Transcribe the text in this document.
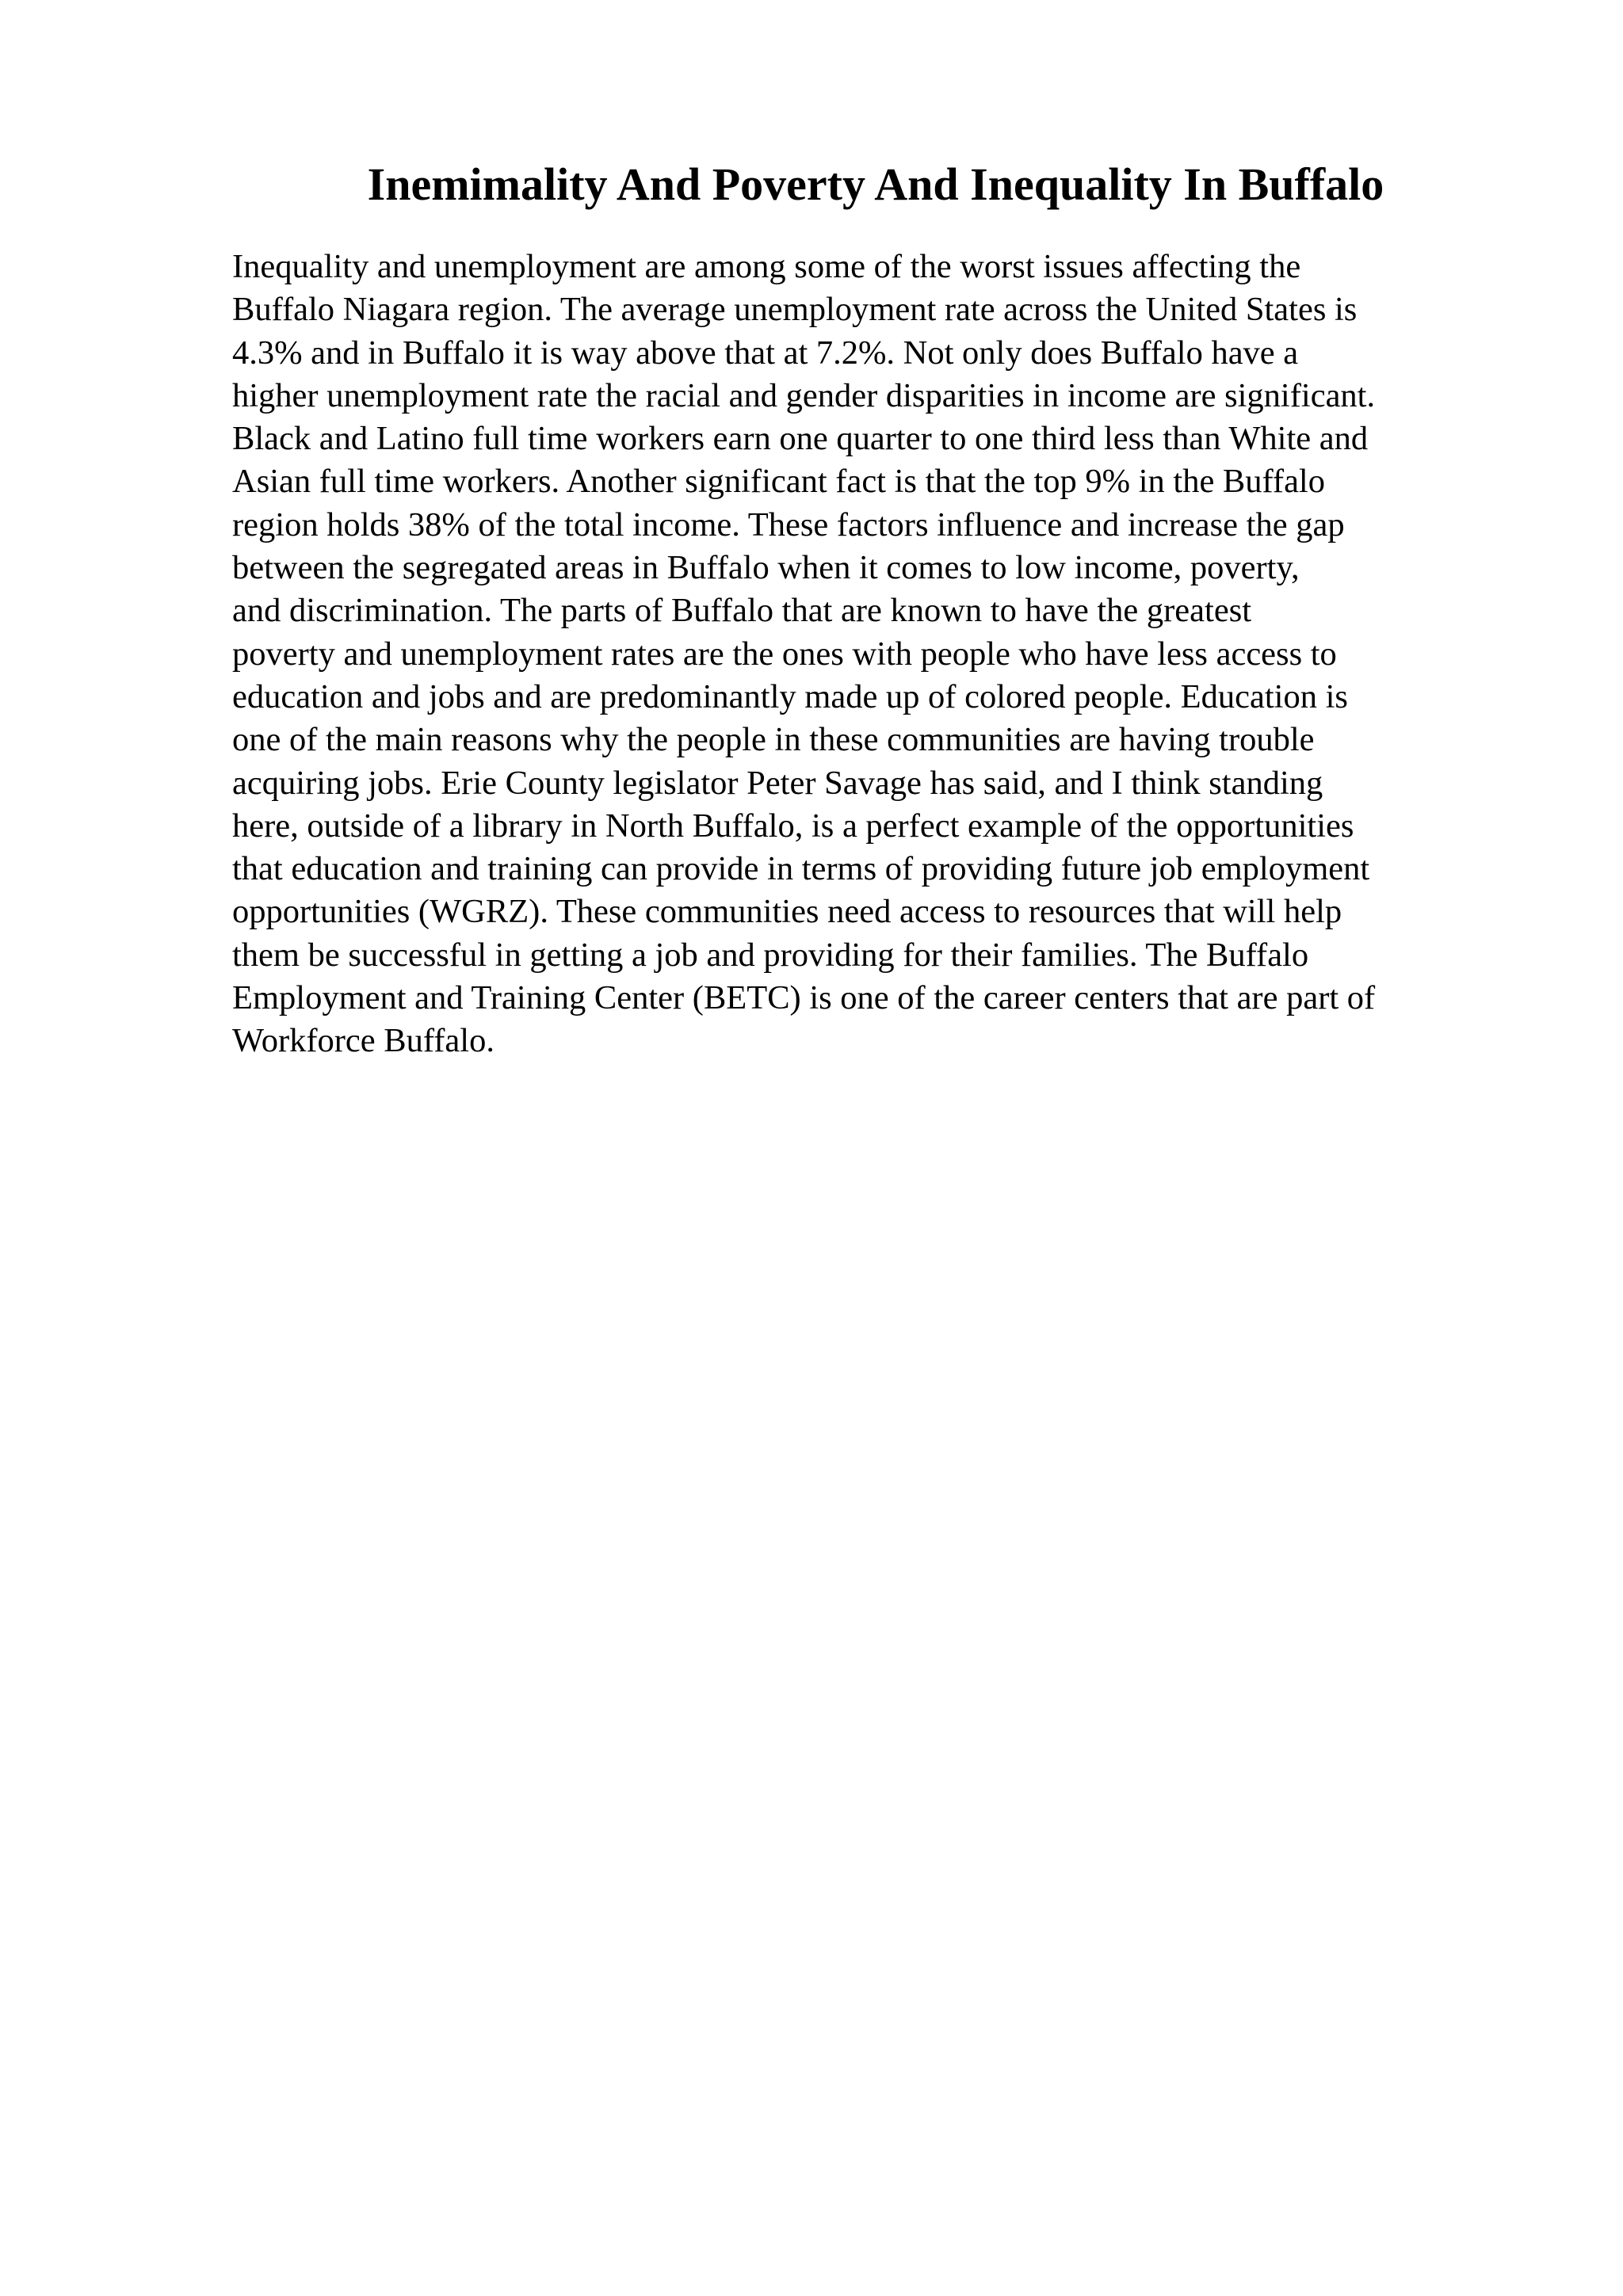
Inemimality And Poverty And Inequality In Buffalo
Inequality and unemployment are among some of the worst issues affecting the
Buffalo Niagara region. The average unemployment rate across the United States is
4.3% and in Buffalo it is way above that at 7.2%. Not only does Buffalo have a
higher unemployment rate the racial and gender disparities in income are significant.
Black and Latino full time workers earn one quarter to one third less than White and
Asian full time workers. Another significant fact is that the top 9% in the Buffalo
region holds 38% of the total income. These factors influence and increase the gap
between the segregated areas in Buffalo when it comes to low income, poverty,
and discrimination. The parts of Buffalo that are known to have the greatest
poverty and unemployment rates are the ones with people who have less access to
education and jobs and are predominantly made up of colored people. Education is
one of the main reasons why the people in these communities are having trouble
acquiring jobs. Erie County legislator Peter Savage has said, and I think standing
here, outside of a library in North Buffalo, is a perfect example of the opportunities
that education and training can provide in terms of providing future job employment
opportunities (WGRZ). These communities need access to resources that will help
them be successful in getting a job and providing for their families. The Buffalo
Employment and Training Center (BETC) is one of the career centers that are part of
Workforce Buffalo.
